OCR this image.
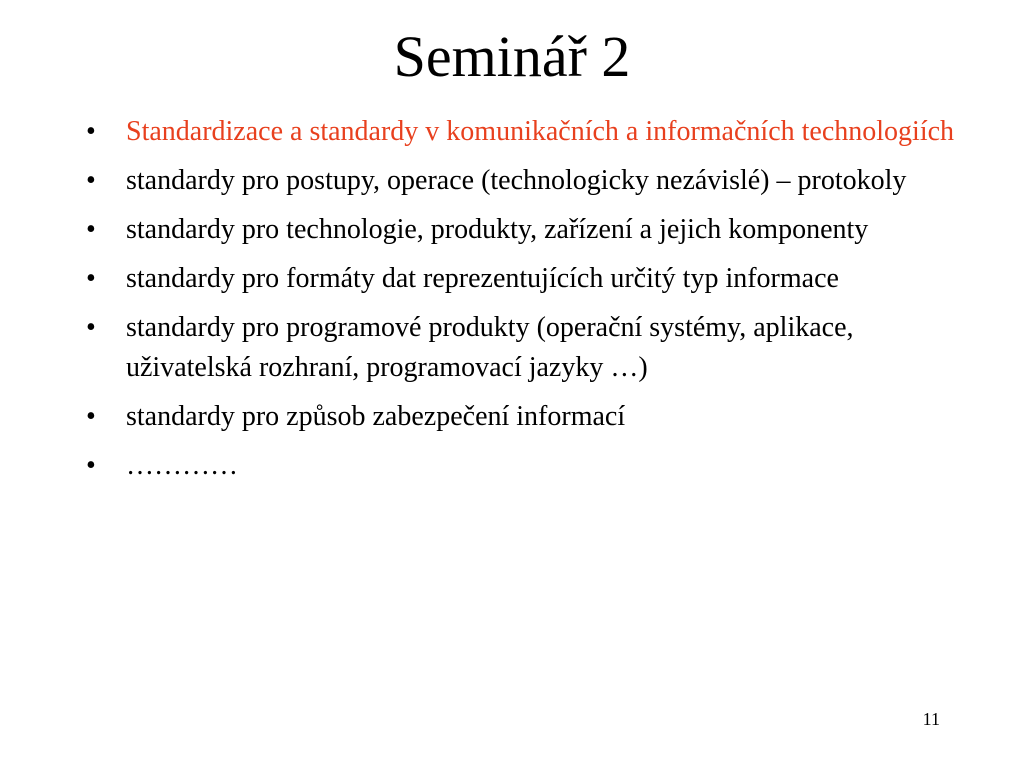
Seminář 2
•	Standardizace a standardy v komunikačních a informačních technologiích
•	standardy pro postupy, operace (technologicky nezávislé) – protokoly
•	standardy pro technologie, produkty, zařízení a jejich komponenty
•	standardy pro formáty dat reprezentujících určitý typ informace
•	standardy pro programové produkty (operační systémy, aplikace, uživatelská rozhraní, programovací jazyky …)
•	standardy pro způsob zabezpečení informací
•	…………
11
